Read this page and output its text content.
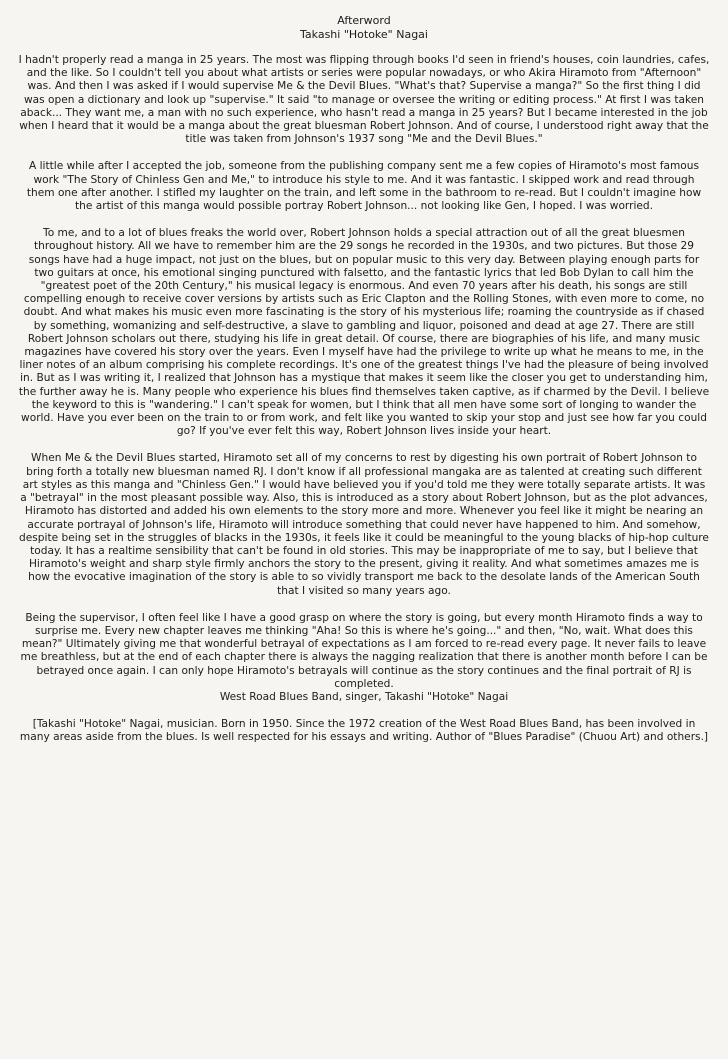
Afterword
Takashi "Hotoke" Nagai

I hadn't properly read a manga in 25 years. The most was flipping through books I'd seen in friend's houses, coin laundries, cafes, and the like. So I couldn't tell you about what artists or series were popular nowadays, or who Akira Hiramoto from "Afternoon" was. And then I was asked if I would supervise Me & the Devil Blues. "What's that? Supervise a manga?" So the first thing I did was open a dictionary and look up "supervise." It said "to manage or oversee the writing or editing process." At first I was taken aback... They want me, a man with no such experience, who hasn't read a manga in 25 years? But I became interested in the job when I heard that it would be a manga about the great bluesman Robert Johnson. And of course, I understood right away that the title was taken from Johnson's 1937 song "Me and the Devil Blues."

A little while after I accepted the job, someone from the publishing company sent me a few copies of Hiramoto's most famous work "The Story of Chinless Gen and Me," to introduce his style to me. And it was fantastic. I skipped work and read through them one after another. I stifled my laughter on the train, and left some in the bathroom to re-read. But I couldn't imagine how the artist of this manga would possible portray Robert Johnson... not looking like Gen, I hoped. I was worried.

To me, and to a lot of blues freaks the world over, Robert Johnson holds a special attraction out of all the great bluesmen throughout history. All we have to remember him are the 29 songs he recorded in the 1930s, and two pictures. But those 29 songs have had a huge impact, not just on the blues, but on popular music to this very day. Between playing enough parts for two guitars at once, his emotional singing punctured with falsetto, and the fantastic lyrics that led Bob Dylan to call him the "greatest poet of the 20th Century," his musical legacy is enormous. And even 70 years after his death, his songs are still compelling enough to receive cover versions by artists such as Eric Clapton and the Rolling Stones, with even more to come, no doubt. And what makes his music even more fascinating is the story of his mysterious life; roaming the countryside as if chased by something, womanizing and self-destructive, a slave to gambling and liquor, poisoned and dead at age 27. There are still Robert Johnson scholars out there, studying his life in great detail. Of course, there are biographies of his life, and many music magazines have covered his story over the years. Even I myself have had the privilege to write up what he means to me, in the liner notes of an album comprising his complete recordings. It's one of the greatest things I've had the pleasure of being involved in. But as I was writing it, I realized that Johnson has a mystique that makes it seem like the closer you get to understanding him, the further away he is. Many people who experience his blues find themselves taken captive, as if charmed by the Devil. I believe the keyword to this is "wandering." I can't speak for women, but I think that all men have some sort of longing to wander the world. Have you ever been on the train to or from work, and felt like you wanted to skip your stop and just see how far you could go? If you've ever felt this way, Robert Johnson lives inside your heart.

When Me & the Devil Blues started, Hiramoto set all of my concerns to rest by digesting his own portrait of Robert Johnson to bring forth a totally new bluesman named RJ. I don't know if all professional mangaka are as talented at creating such different art styles as this manga and "Chinless Gen." I would have believed you if you'd told me they were totally separate artists. It was a "betrayal" in the most pleasant possible way. Also, this is introduced as a story about Robert Johnson, but as the plot advances, Hiramoto has distorted and added his own elements to the story more and more. Whenever you feel like it might be nearing an accurate portrayal of Johnson's life, Hiramoto will introduce something that could never have happened to him. And somehow, despite being set in the struggles of blacks in the 1930s, it feels like it could be meaningful to the young blacks of hip-hop culture today. It has a realtime sensibility that can't be found in old stories. This may be inappropriate of me to say, but I believe that Hiramoto's weight and sharp style firmly anchors the story to the present, giving it reality. And what sometimes amazes me is how the evocative imagination of the story is able to so vividly transport me back to the desolate lands of the American South that I visited so many years ago.

Being the supervisor, I often feel like I have a good grasp on where the story is going, but every month Hiramoto finds a way to surprise me. Every new chapter leaves me thinking "Aha! So this is where he's going..." and then, "No, wait. What does this mean?" Ultimately giving me that wonderful betrayal of expectations as I am forced to re-read every page. It never fails to leave me breathless, but at the end of each chapter there is always the nagging realization that there is another month before I can be betrayed once again. I can only hope Hiramoto's betrayals will continue as the story continues and the final portrait of RJ is completed.

West Road Blues Band, singer, Takashi "Hotoke" Nagai

[Takashi "Hotoke" Nagai, musician. Born in 1950. Since the 1972 creation of the West Road Blues Band, has been involved in many areas aside from the blues. Is well respected for his essays and writing. Author of "Blues Paradise" (Chuou Art) and others.]
